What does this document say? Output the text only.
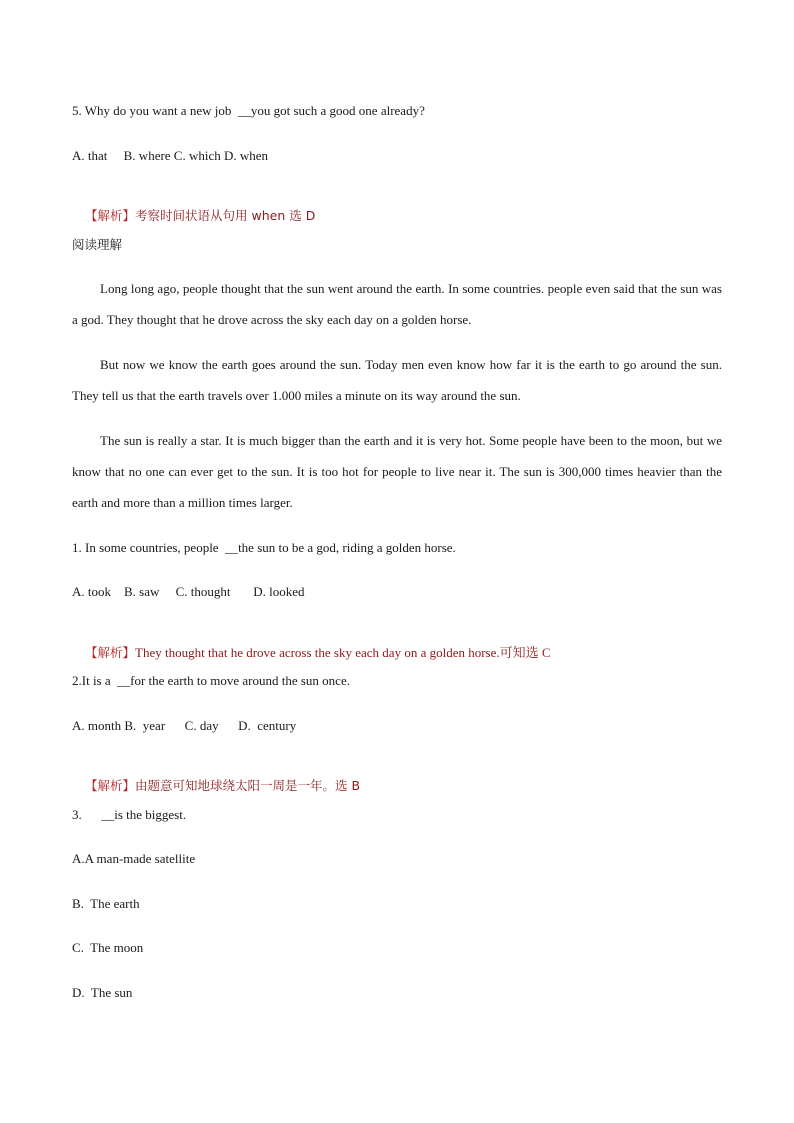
5. Why do you want a new job  __you got such a good one already?
A. that     B. where C. which D. when

【解析】考察时间状语从句用 when 选 D

阅读理解
Long long ago, people thought that the sun went around the earth. In some countries. people even said that the sun was a god. They thought that he drove across the sky each day on a golden horse.
But now we know the earth goes around the sun. Today men even know how far it is the earth to go around the sun. They tell us that the earth travels over 1.000 miles a minute on its way around the sun.
The sun is really a star. It is much bigger than the earth and it is very hot. Some people have been to the moon, but we know that no one can ever get to the sun. It is too hot for people to live near it. The sun is 300,000 times heavier than the earth and more than a million times larger.
1. In some countries, people  __the sun to be a god, riding a golden horse.
A. took    B. saw     C. thought       D. looked

【解析】They thought that he drove across the sky each day on a golden horse.可知选 C

2.It is a  __for the earth to move around the sun once.
A. month B.  year      C. day      D.  century

【解析】由题意可知地球绕太阳一周是一年。选 B

3.      __is the biggest.
A.A man-made satellite
B.  The earth
C.  The moon
D.  The sun
